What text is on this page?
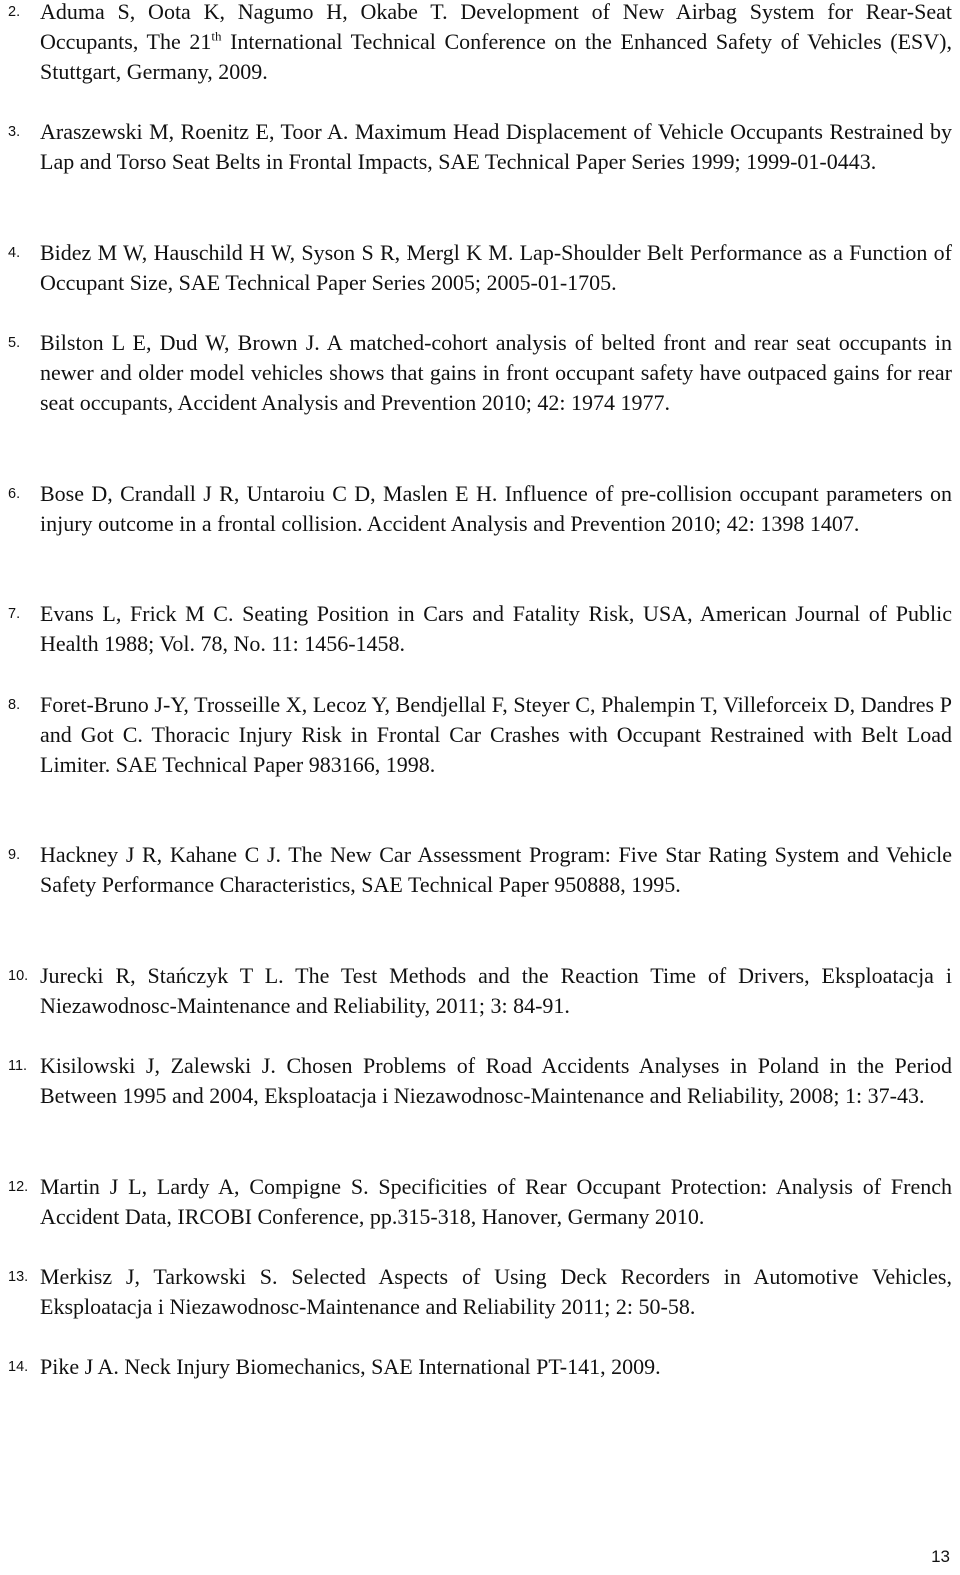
2. Aduma S, Oota K, Nagumo H, Okabe T. Development of New Airbag System for Rear-Seat Occupants, The 21th International Technical Conference on the Enhanced Safety of Vehicles (ESV), Stuttgart, Germany, 2009.
3. Araszewski M, Roenitz E, Toor A. Maximum Head Displacement of Vehicle Occupants Restrained by Lap and Torso Seat Belts in Frontal Impacts, SAE Technical Paper Series 1999; 1999-01-0443.
4. Bidez M W, Hauschild H W, Syson S R, Mergl K M. Lap-Shoulder Belt Performance as a Function of Occupant Size, SAE Technical Paper Series 2005; 2005-01-1705.
5. Bilston L E, Dud W, Brown J. A matched-cohort analysis of belted front and rear seat occupants in newer and older model vehicles shows that gains in front occupant safety have outpaced gains for rear seat occupants, Accident Analysis and Prevention 2010; 42: 1974 1977.
6. Bose D, Crandall J R, Untaroiu C D, Maslen E H. Influence of pre-collision occupant parameters on injury outcome in a frontal collision. Accident Analysis and Prevention 2010; 42: 1398 1407.
7. Evans L, Frick M C. Seating Position in Cars and Fatality Risk, USA, American Journal of Public Health 1988; Vol. 78, No. 11: 1456-1458.
8. Foret-Bruno J-Y, Trosseille X, Lecoz Y, Bendjellal F, Steyer C, Phalempin T, Villeforceix D, Dandres P and Got C. Thoracic Injury Risk in Frontal Car Crashes with Occupant Restrained with Belt Load Limiter. SAE Technical Paper 983166, 1998.
9. Hackney J R, Kahane C J. The New Car Assessment Program: Five Star Rating System and Vehicle Safety Performance Characteristics, SAE Technical Paper 950888, 1995.
10. Jurecki R, Stańczyk T L. The Test Methods and the Reaction Time of Drivers, Eksploatacja i Niezawodnosc-Maintenance and Reliability, 2011; 3: 84-91.
11. Kisilowski J, Zalewski J. Chosen Problems of Road Accidents Analyses in Poland in the Period Between 1995 and 2004, Eksploatacja i Niezawodnosc-Maintenance and Reliability, 2008; 1: 37-43.
12. Martin J L, Lardy A, Compigne S. Specificities of Rear Occupant Protection: Analysis of French Accident Data, IRCOBI Conference, pp.315-318, Hanover, Germany 2010.
13. Merkisz J, Tarkowski S. Selected Aspects of Using Deck Recorders in Automotive Vehicles, Eksploatacja i Niezawodnosc-Maintenance and Reliability 2011; 2: 50-58.
14. Pike J A. Neck Injury Biomechanics, SAE International PT-141, 2009.
13
